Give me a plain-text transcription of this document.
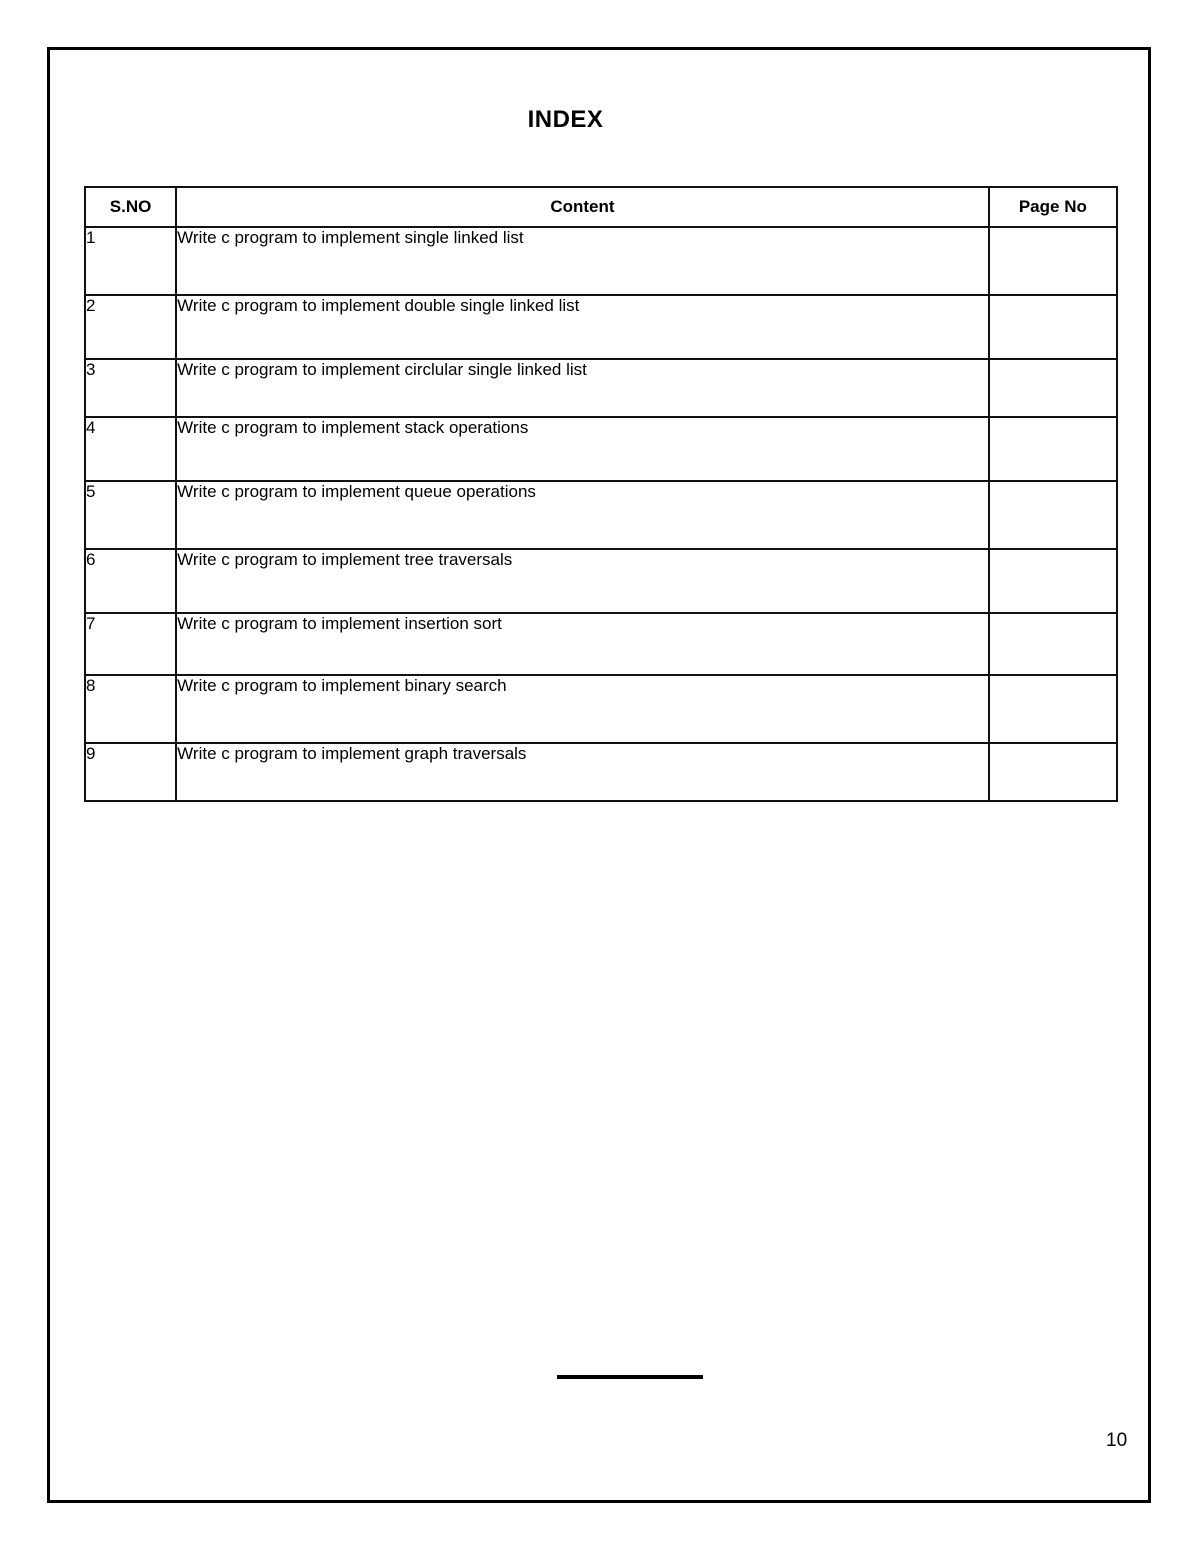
INDEX
S.NO	Content	Page No
1	Write c program to implement single linked list	
2	Write c program to implement double single linked list	
3	Write c program to implement circlular single linked list	
4	Write c program to implement stack operations	
5	Write c program to implement queue operations	
6	Write c program to implement tree traversals	
7	Write c program to implement insertion sort	
8	Write c program to implement binary search	
9	Write c program to implement graph traversals	
10
